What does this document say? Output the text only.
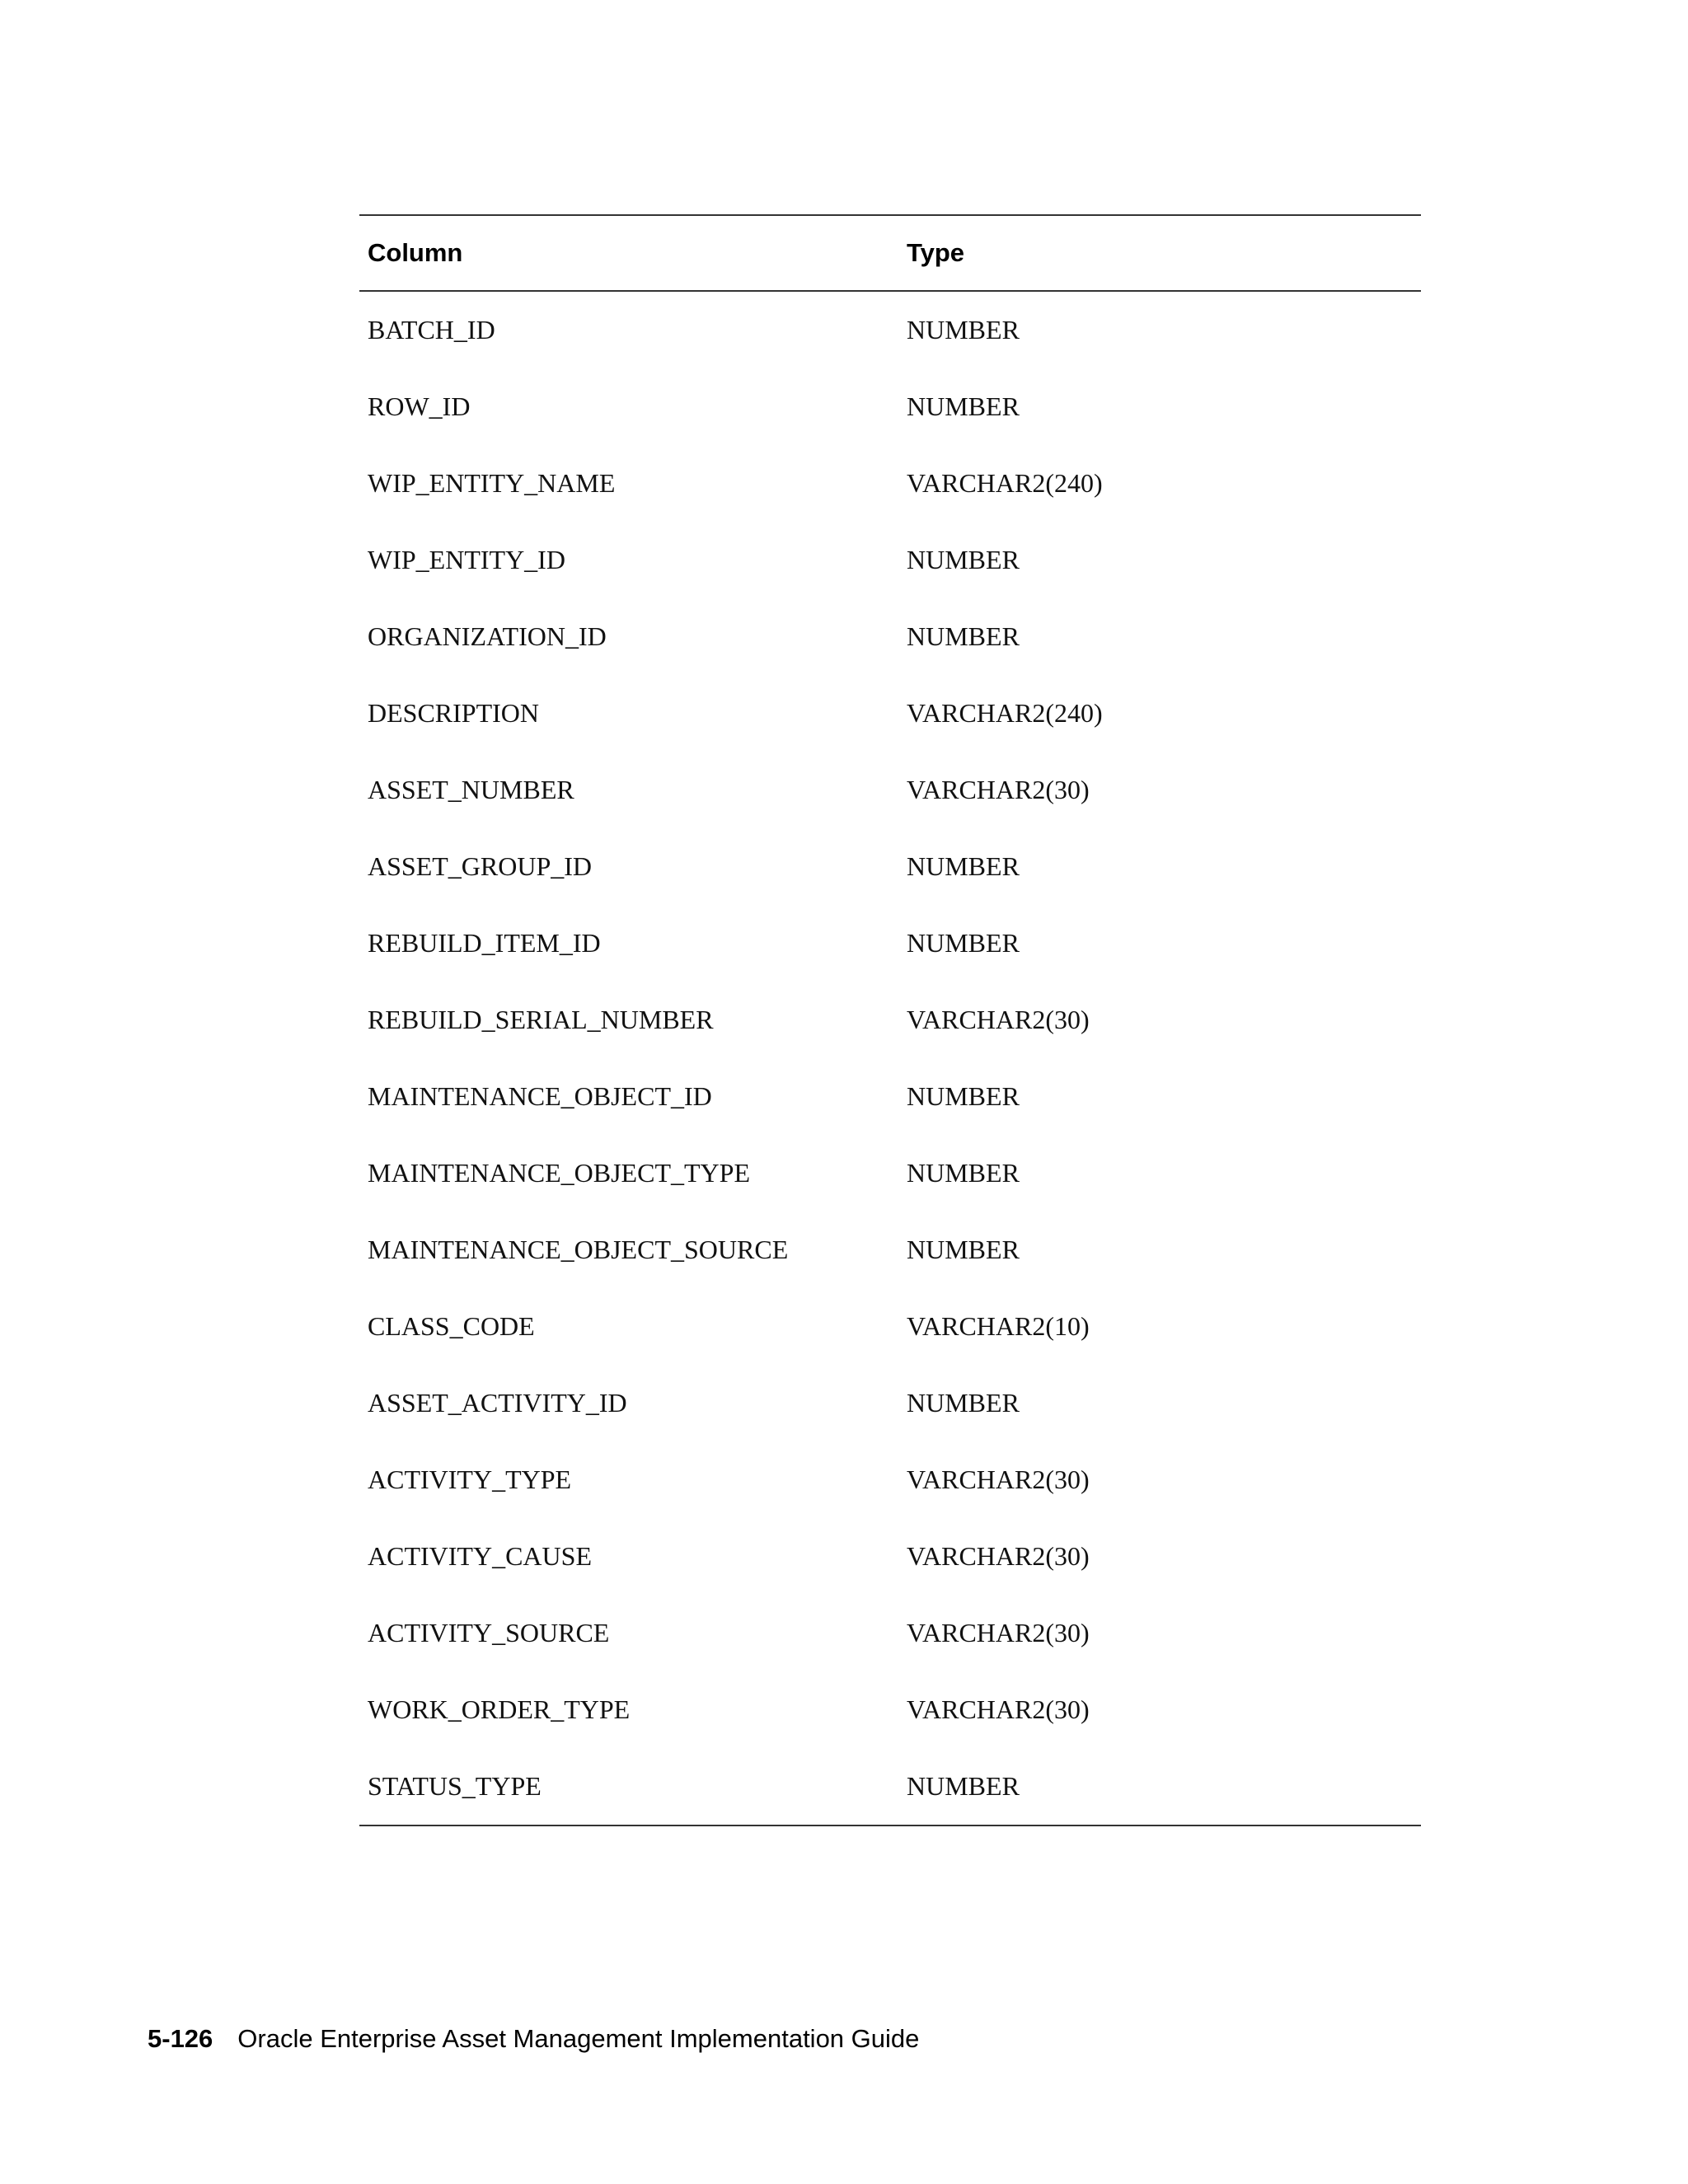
Column	Type
BATCH_ID	NUMBER
ROW_ID	NUMBER
WIP_ENTITY_NAME	VARCHAR2(240)
WIP_ENTITY_ID	NUMBER
ORGANIZATION_ID	NUMBER
DESCRIPTION	VARCHAR2(240)
ASSET_NUMBER	VARCHAR2(30)
ASSET_GROUP_ID	NUMBER
REBUILD_ITEM_ID	NUMBER
REBUILD_SERIAL_NUMBER	VARCHAR2(30)
MAINTENANCE_OBJECT_ID	NUMBER
MAINTENANCE_OBJECT_TYPE	NUMBER
MAINTENANCE_OBJECT_SOURCE	NUMBER
CLASS_CODE	VARCHAR2(10)
ASSET_ACTIVITY_ID	NUMBER
ACTIVITY_TYPE	VARCHAR2(30)
ACTIVITY_CAUSE	VARCHAR2(30)
ACTIVITY_SOURCE	VARCHAR2(30)
WORK_ORDER_TYPE	VARCHAR2(30)
STATUS_TYPE	NUMBER
5-126 Oracle Enterprise Asset Management Implementation Guide
